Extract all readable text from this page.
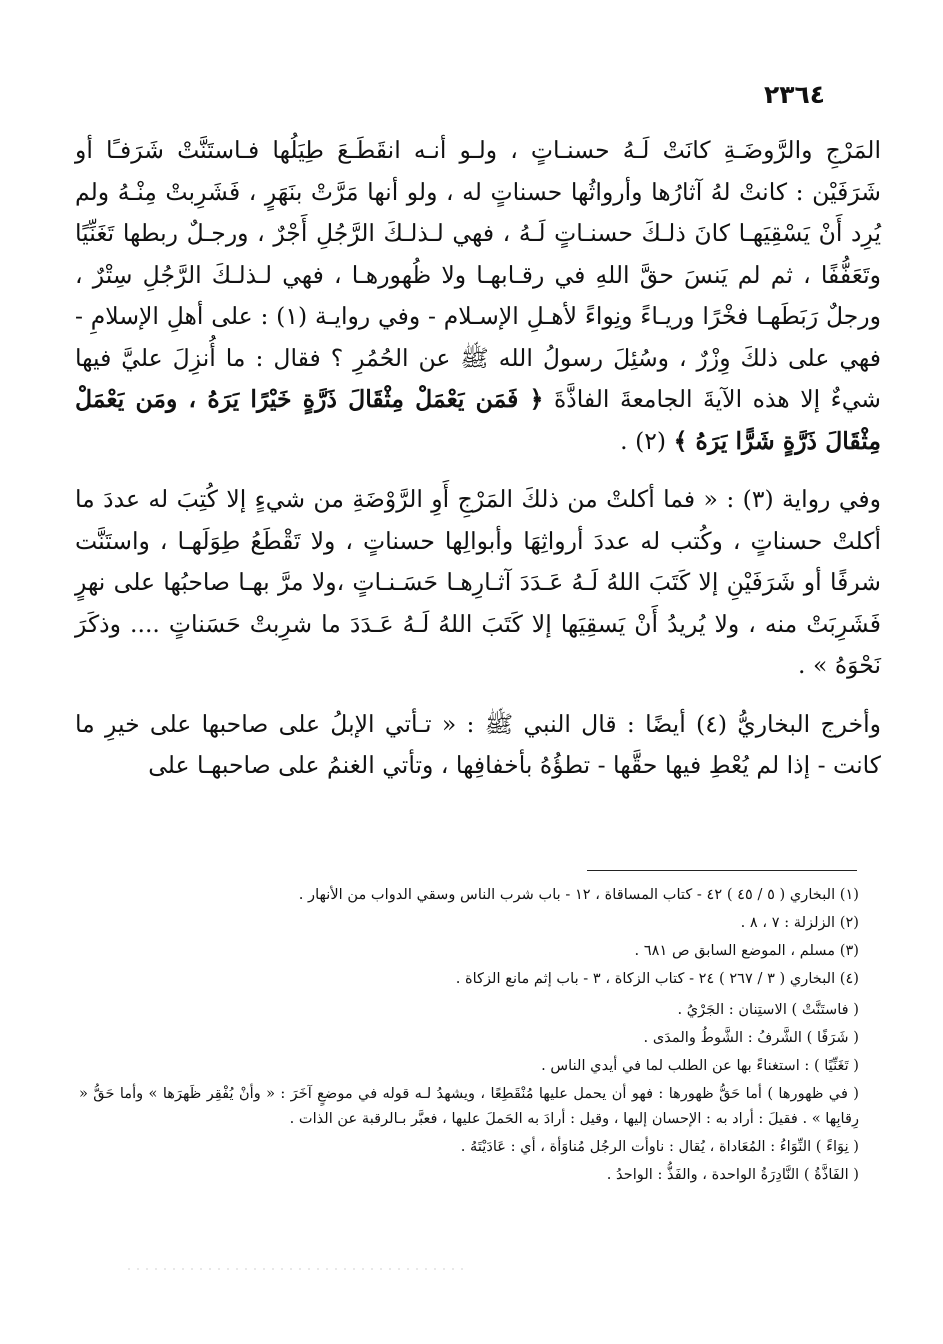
٢٣٦٤

المَرْجِ والرَّوضَـةِ كانَتْ لَـهُ حسنـاتٍ ، ولـو أنـه انقَطَـعَ طِيَلُها فـاستَنَّتْ شَرَفـًا أو شَرَفَيْن : كانتْ لهُ آثارُها وأرواثُها حسناتٍ له ، ولو أنها مَرَّتْ بنَهَرٍ ، فَشَرِبتْ مِنْـهُ ولم يُرِد أَنْ يَسْقِيَهـا كانَ ذلـكَ حسنـاتٍ لَـهُ ، فهي لـذلـكَ الرَّجُلِ أَجْرٌ ، ورجـلٌ ربطها تَغَنِّيًا وتَعَفُّفًا ، ثم لم يَنسَ حقَّ اللهِ في رقـابهـا ولا ظُهورهـا ، فهي لـذلـكَ الرَّجُلِ سِتْرٌ ، ورجلٌ رَبَطَهـا فخْرًا وريـاءً ونِواءً لأهـلِ الإسـلام - وفي روايـة (١) : على أهلِ الإسلامِ - فهي على ذلكَ وِزْرٌ ، وسُئِلَ رسولُ الله ﷺ عن الحُمُرِ ؟ فقال : ما أُنزِلَ عليَّ فيها شيءٌ إلا هذه الآيةَ الجامعةَ الفاذَّةَ ﴿ فَمَن يَعْمَلْ مِثْقَالَ ذَرَّةٍ خَيْرًا يَرَهُ ، ومَن يَعْمَلْ مِثْقَالَ ذَرَّةٍ شَرًّا يَرَهُ ﴾ (٢) .

وفي رواية (٣) : « فما أكلتْ من ذلكَ المَرْجِ أَوِ الرَّوْضَةِ من شيءٍ إلا كُتِبَ له عددَ ما أكلتْ حسناتٍ ، وكُتب له عددَ أرواثِهَا وأبوالِها حسناتٍ ، ولا تَقْطَعُ طِوَلَهـا ، واستَنَّت شرفًا أو شَرَفَيْنِ إلا كَتَبَ اللهُ لَـهُ عَـدَدَ آثـارِهـا حَسَـنـاتٍ ،ولا مرَّ بهـا صاحبُها على نهرٍ فَشَرِبَتْ منه ، ولا يُريدُ أَنْ يَسقِيَها إلا كَتَبَ اللهُ لَـهُ عَـدَدَ ما شرِبتْ حَسَناتٍ .... وذكَرَ نَحْوَهُ » .

وأخرج البخاريُّ (٤) أيضًا : قال النبي ﷺ : « تـأتي الإبلُ على صاحبها على خيرِ ما كانت - إذا لم يُعْطِ فيها حقَّها - تطؤُهُ بأخفافِها ، وتأتي الغنمُ على صاحبهـا على

(١) البخاري ( ٥ / ٤٥ ) ٤٢ - كتاب المساقاة ، ١٢ - باب شرب الناس وسقي الدواب من الأنهار .

(٢) الزلزلة : ٧ ، ٨ .

(٣) مسلم ، الموضع السابق ص ٦٨١ .

(٤) البخاري ( ٣ / ٢٦٧ ) ٢٤ - كتاب الزكاة ، ٣ - باب إثم مانع الزكاة .

( فاستَنَّتْ ) الاستِنان : الجَرْيُ .

( شَرَفًا ) الشَّرفُ : الشَّوطُ والمدَى .

( تَغَنِّيًا ) : استغناءً بها عن الطلب لما في أيدي الناس .

( في ظهورها ) أما حَقُّ ظهورها : فهو أن يحمل عليها مُنْقَطِعًا ، ويشهدُ لـه قوله في موضعٍ آخَرَ : « وأنْ يُفْقِر ظَهرَها » وأما حَقُّ « رِقابِها » . فقيلَ : أراد به : الإحسان إليها ، وقيل : أرادَ به الحَملَ عليها ، فعبَّر بـالرقبة عن الذات .

( نِوَاءً ) النِّوَاءُ : المُعَاداة ، يُقال : ناوأت الرجُل مُناوَأة ، أي : عَادَيْتَهُ .

( الفَاذَّةُ ) النَّادِرَةُ الواحدة ، والفَذُّ : الواحدُ .
